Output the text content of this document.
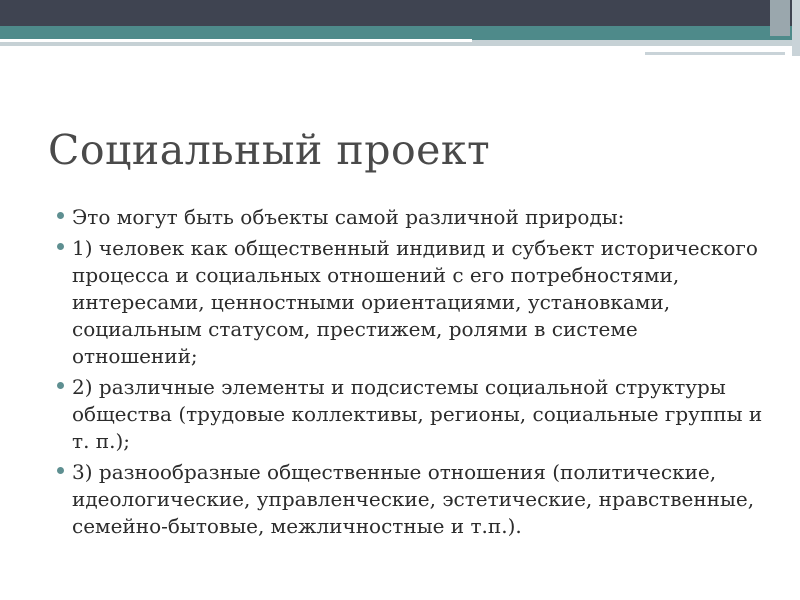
Социальный проект
Это могут быть объекты самой различной природы:
1) человек как общественный индивид и субъект исторического процесса и социальных отношений с его потребностями, интересами, ценностными ориентациями, установками, социальным статусом, престижем, ролями в системе отношений;
2) различные элементы и подсистемы социальной структуры общества (трудовые коллективы, регионы, социальные группы и т. п.);
3) разнообразные общественные отношения (политические, идеологические, управленческие, эстетические, нравственные, семейно-бытовые, межличностные и т.п.).
